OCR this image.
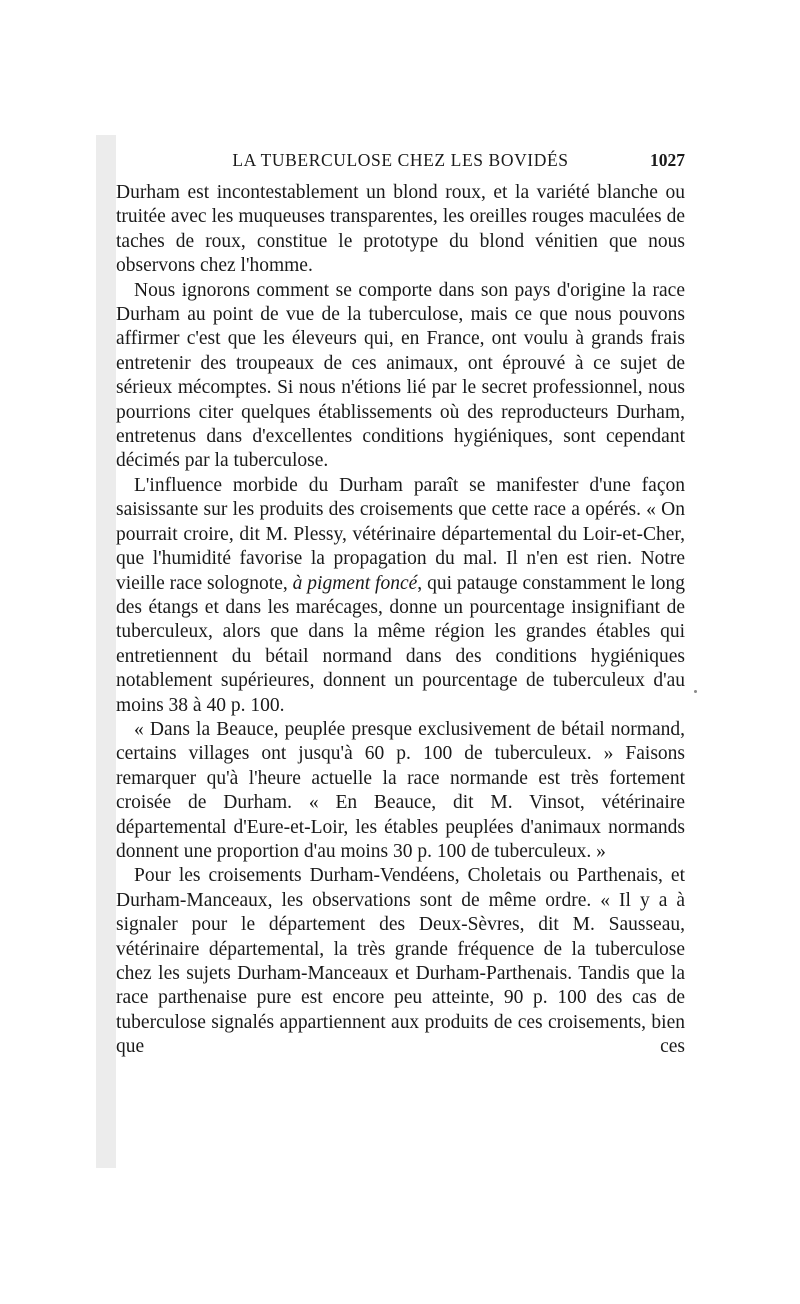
LA TUBERCULOSE CHEZ LES BOVIDÉS	1027

Durham est incontestablement un blond roux, et la variété blanche ou truitée avec les muqueuses transparentes, les oreilles rouges maculées de taches de roux, constitue le prototype du blond vénitien que nous observons chez l'homme.

Nous ignorons comment se comporte dans son pays d'origine la race Durham au point de vue de la tuberculose, mais ce que nous pouvons affirmer c'est que les éleveurs qui, en France, ont voulu à grands frais entretenir des troupeaux de ces animaux, ont éprouvé à ce sujet de sérieux mécomptes. Si nous n'étions lié par le secret professionnel, nous pourrions citer quelques établissements où des reproducteurs Durham, entretenus dans d'excellentes conditions hygiéniques, sont cependant décimés par la tuberculose.

L'influence morbide du Durham paraît se manifester d'une façon saisissante sur les produits des croisements que cette race a opérés. « On pourrait croire, dit M. Plessy, vétérinaire départemental du Loir-et-Cher, que l'humidité favorise la propagation du mal. Il n'en est rien. Notre vieille race solognote, à pigment foncé, qui patauge constamment le long des étangs et dans les marécages, donne un pourcentage insignifiant de tuberculeux, alors que dans la même région les grandes étables qui entretiennent du bétail normand dans des conditions hygiéniques notablement supérieures, donnent un pourcentage de tuberculeux d'au moins 38 à 40 p. 100.

« Dans la Beauce, peuplée presque exclusivement de bétail normand, certains villages ont jusqu'à 60 p. 100 de tuberculeux. » Faisons remarquer qu'à l'heure actuelle la race normande est très fortement croisée de Durham. « En Beauce, dit M. Vinsot, vétérinaire départemental d'Eure-et-Loir, les étables peuplées d'animaux normands donnent une proportion d'au moins 30 p. 100 de tuberculeux. »

Pour les croisements Durham-Vendéens, Choletais ou Parthenais, et Durham-Manceaux, les observations sont de même ordre. « Il y a à signaler pour le département des Deux-Sèvres, dit M. Sausseau, vétérinaire départemental, la très grande fréquence de la tuberculose chez les sujets Durham-Manceaux et Durham-Parthenais. Tandis que la race parthenaise pure est encore peu atteinte, 90 p. 100 des cas de tuberculose signalés appartiennent aux produits de ces croisements, bien que ces
